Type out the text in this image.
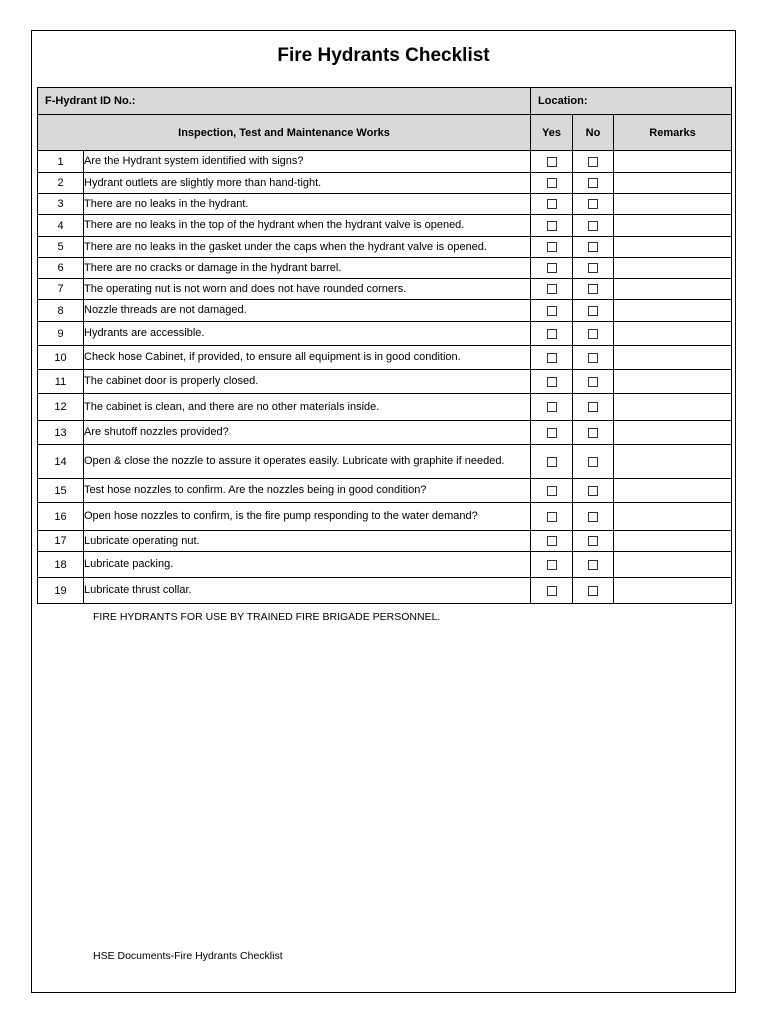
Fire Hydrants Checklist
F-Hydrant ID No.:		Location:		
Inspection, Test and Maintenance Works		Yes	No	Remarks
1	Are the Hydrant system identified with signs?			
2	Hydrant outlets are slightly more than hand-tight.			
3	There are no leaks in the hydrant.			
4	There are no leaks in the top of the hydrant when the hydrant valve is opened.			
5	There are no leaks in the gasket under the caps when the hydrant valve is opened.			
6	There are no cracks or damage in the hydrant barrel.			
7	The operating nut is not worn and does not have rounded corners.			
8	Nozzle threads are not damaged.			
9	Hydrants are accessible.			
10	Check hose Cabinet, if provided, to ensure all equipment is in good condition.			
11	The cabinet door is properly closed.			
12	The cabinet is clean, and there are no other materials inside.			
13	Are shutoff nozzles provided?			
14	Open & close the nozzle to assure it operates easily. Lubricate with graphite if needed.			
15	Test hose nozzles to confirm. Are the nozzles being in good condition?			
16	Open hose nozzles to confirm, is the fire pump responding to the water demand?			
17	Lubricate operating nut.			
18	Lubricate packing.			
19	Lubricate thrust collar.			
FIRE HYDRANTS FOR USE BY TRAINED FIRE BRIGADE PERSONNEL.
HSE Documents-Fire Hydrants Checklist
